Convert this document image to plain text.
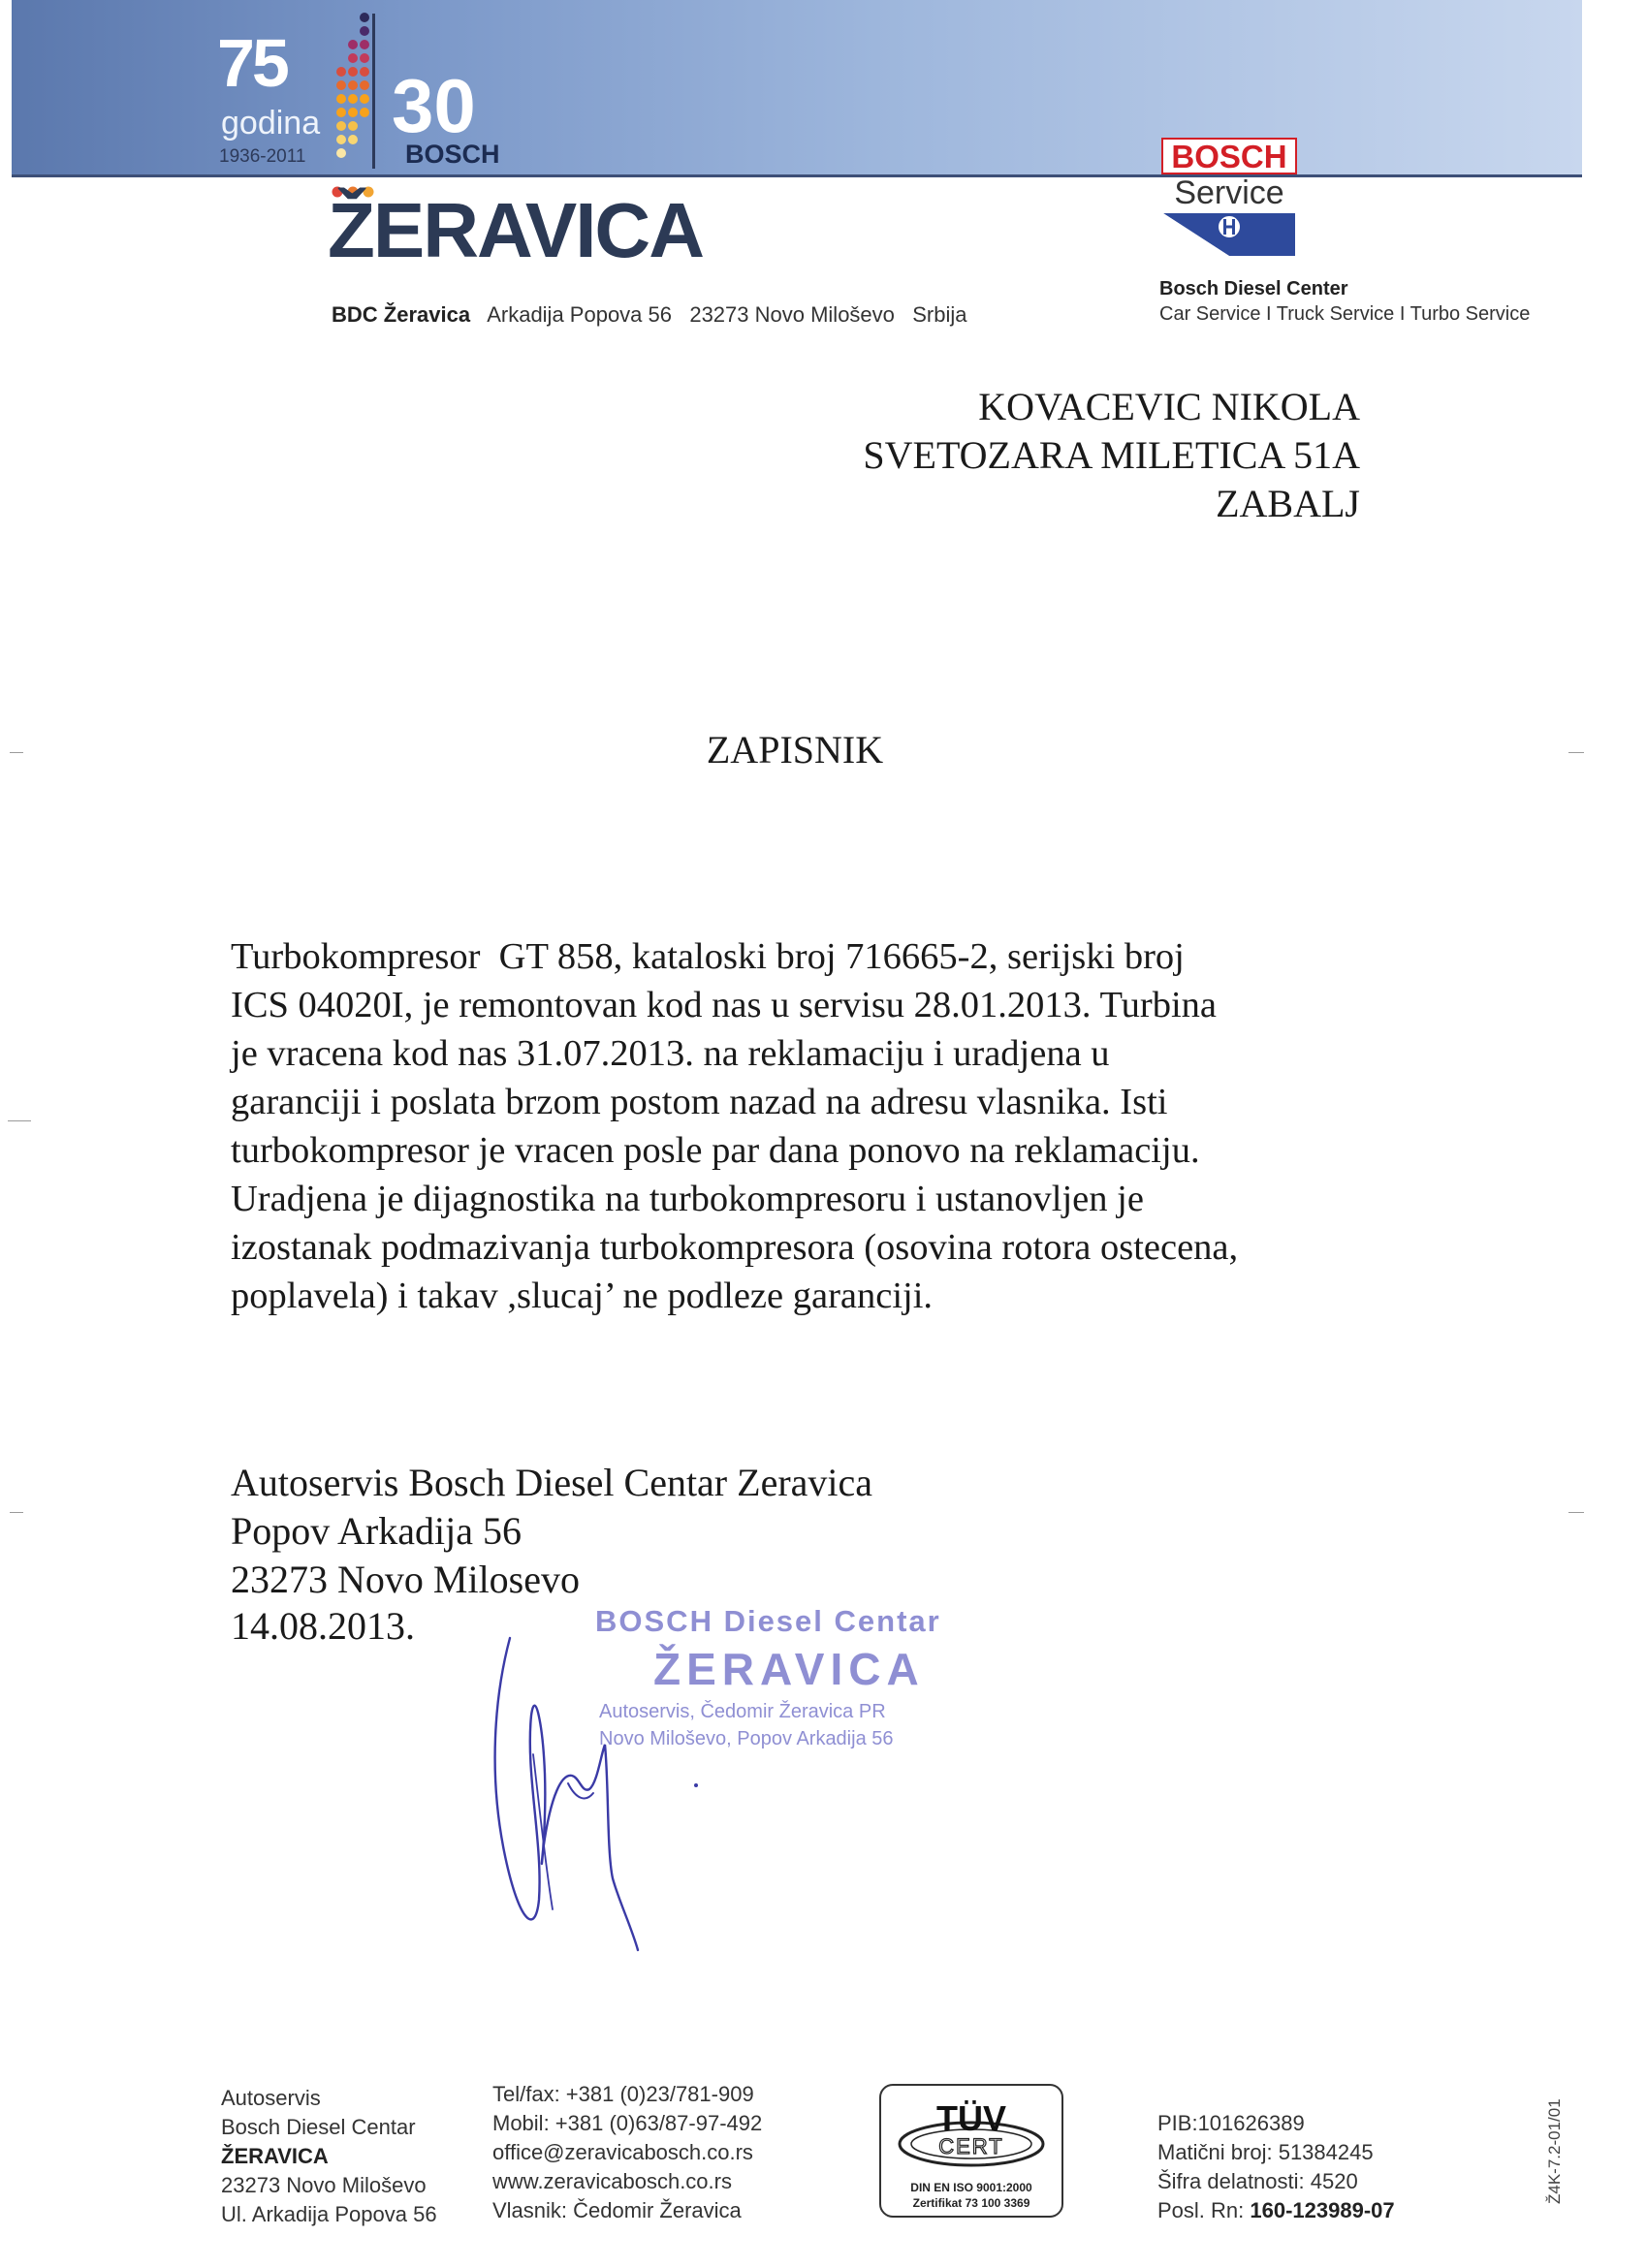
75
godina
1936-2011
30
BOSCH
ŽERAVICA
BDC Žeravica Arkadija Popova 56   23273 Novo Miloševo   Srbija
BOSCH
Service
Bosch Diesel Center
Car Service I Truck Service I Turbo Service
KOVACEVIC NIKOLA
SVETOZARA MILETICA 51A
ZABALJ
ZAPISNIK
Turbokompresor  GT 858, kataloski broj 716665-2, serijski broj
ICS 04020I, je remontovan kod nas u servisu 28.01.2013. Turbina
je vracena kod nas 31.07.2013. na reklamaciju i uradjena u
garanciji i poslata brzom postom nazad na adresu vlasnika. Isti
turbokompresor je vracen posle par dana ponovo na reklamaciju.
Uradjena je dijagnostika na turbokompresoru i ustanovljen je
izostanak podmazivanja turbokompresora (osovina rotora ostecena,
poplavela) i takav ,slucaj’ ne podleze garanciji.
Autoservis Bosch Diesel Centar Zeravica
Popov Arkadija 56
23273 Novo Milosevo
14.08.2013.	BOSCH Diesel Centar
ŽERAVICA
Autoservis, Čedomir Žeravica PR
Novo Miloševo, Popov Arkadija 56
Autoservis
Bosch Diesel Centar
ŽERAVICA
23273 Novo Miloševo
Ul. Arkadija Popova 56
Tel/fax: +381 (0)23/781-909
Mobil: +381 (0)63/87-97-492
office@zeravicabosch.co.rs
www.zeravicabosch.co.rs
Vlasnik: Čedomir Žeravica
TÜV
CERT
DIN EN ISO 9001:2000
Zertifikat 73 100 3369
PIB:101626389
Matični broj: 51384245
Šifra delatnosti: 4520
Posl. Rn: 160-123989-07
Ž4K-7.2-01/01
